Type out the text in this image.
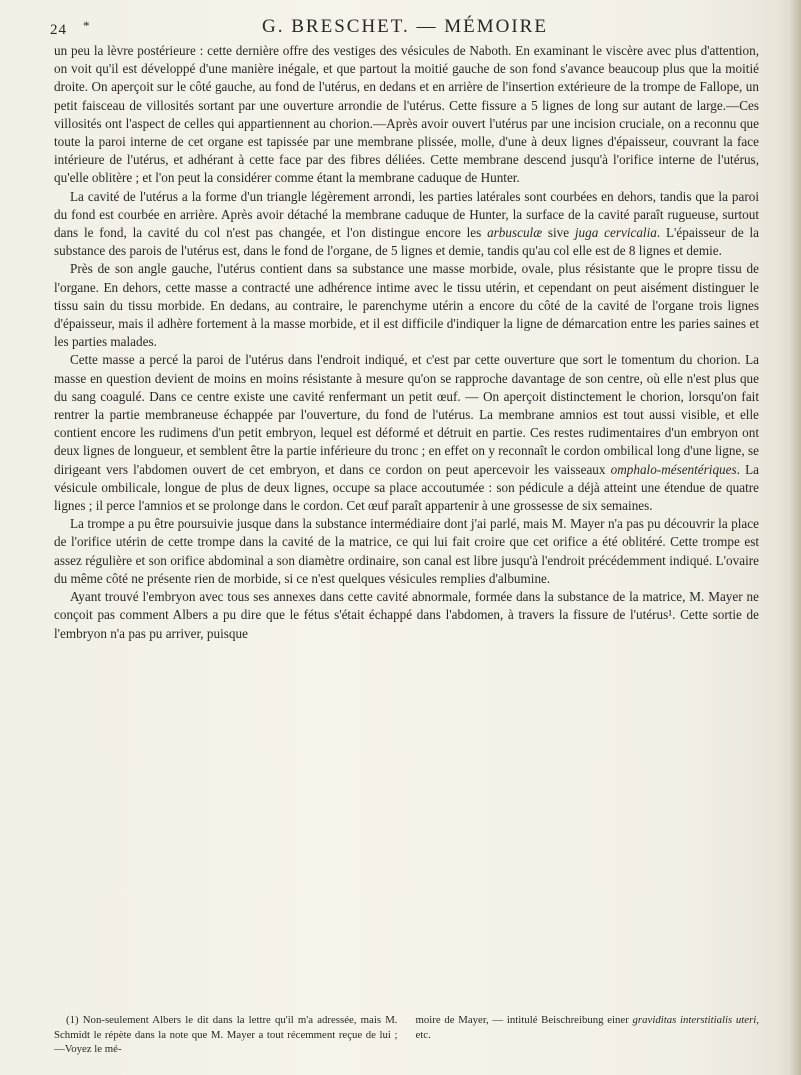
24 *	G. BRESCHET. — MÉMOIRE

un peu la lèvre postérieure : cette dernière offre des vestiges des vésicules de Naboth. En examinant le viscère avec plus d'attention, on voit qu'il est développé d'une manière inégale, et que partout la moitié gauche de son fond s'avance beaucoup plus que la moitié droite. On aperçoit sur le côté gauche, au fond de l'utérus, en dedans et en arrière de l'insertion extérieure de la trompe de Fallope, un petit faisceau de villosités sortant par une ouverture arrondie de l'utérus. Cette fissure a 5 lignes de long sur autant de large.—Ces villosités ont l'aspect de celles qui appartiennent au chorion.—Après avoir ouvert l'utérus par une incision cruciale, on a reconnu que toute la paroi interne de cet organe est tapissée par une membrane plissée, molle, d'une à deux lignes d'épaisseur, couvrant la face intérieure de l'utérus, et adhérant à cette face par des fibres déliées. Cette membrane descend jusqu'à l'orifice interne de l'utérus, qu'elle oblitère ; et l'on peut la considérer comme étant la membrane caduque de Hunter.

La cavité de l'utérus a la forme d'un triangle légèrement arrondi, les parties latérales sont courbées en dehors, tandis que la paroi du fond est courbée en arrière. Après avoir détaché la membrane caduque de Hunter, la surface de la cavité paraît rugueuse, surtout dans le fond, la cavité du col n'est pas changée, et l'on distingue encore les arbusculæ sive juga cervicalia. L'épaisseur de la substance des parois de l'utérus est, dans le fond de l'organe, de 5 lignes et demie, tandis qu'au col elle est de 8 lignes et demie.

Près de son angle gauche, l'utérus contient dans sa substance une masse morbide, ovale, plus résistante que le propre tissu de l'organe. En dehors, cette masse a contracté une adhérence intime avec le tissu utérin, et cependant on peut aisément distinguer le tissu sain du tissu morbide. En dedans, au contraire, le parenchyme utérin a encore du côté de la cavité de l'organe trois lignes d'épaisseur, mais il adhère fortement à la masse morbide, et il est difficile d'indiquer la ligne de démarcation entre les paries saines et les parties malades.

Cette masse a percé la paroi de l'utérus dans l'endroit indiqué, et c'est par cette ouverture que sort le tomentum du chorion. La masse en question devient de moins en moins résistante à mesure qu'on se rapproche davantage de son centre, où elle n'est plus que du sang coagulé. Dans ce centre existe une cavité renfermant un petit œuf. — On aperçoit distinctement le chorion, lorsqu'on fait rentrer la partie membraneuse échappée par l'ouverture, du fond de l'utérus. La membrane amnios est tout aussi visible, et elle contient encore les rudimens d'un petit embryon, lequel est déformé et détruit en partie. Ces restes rudimentaires d'un embryon ont deux lignes de longueur, et semblent être la partie inférieure du tronc ; en effet on y reconnaît le cordon ombilical long d'une ligne, se dirigeant vers l'abdomen ouvert de cet embryon, et dans ce cordon on peut apercevoir les vaisseaux omphalo-mésentériques. La vésicule ombilicale, longue de plus de deux lignes, occupe sa place accoutumée : son pédicule a déjà atteint une étendue de quatre lignes ; il perce l'amnios et se prolonge dans le cordon. Cet œuf paraît appartenir à une grossesse de six semaines.

La trompe a pu être poursuivie jusque dans la substance intermédiaire dont j'ai parlé, mais M. Mayer n'a pas pu découvrir la place de l'orifice utérin de cette trompe dans la cavité de la matrice, ce qui lui fait croire que cet orifice a été oblitéré. Cette trompe est assez régulière et son orifice abdominal a son diamètre ordinaire, son canal est libre jusqu'à l'endroit précédemment indiqué. L'ovaire du même côté ne présente rien de morbide, si ce n'est quelques vésicules remplies d'albumine.

Ayant trouvé l'embryon avec tous ses annexes dans cette cavité abnormale, formée dans la substance de la matrice, M. Mayer ne conçoit pas comment Albers a pu dire que le fétus s'était échappé dans l'abdomen, à travers la fissure de l'utérus¹. Cette sortie de l'embryon n'a pas pu arriver, puisque

(1) Non-seulement Albers le dit dans la lettre qu'il m'a adressée, mais M. Schmidt le répète dans la note que M. Mayer a tout récemment reçue de lui ; —Voyez le mé-

moire de Mayer, — intitulé Beischreibung einer graviditas interstitialis uteri, etc.
